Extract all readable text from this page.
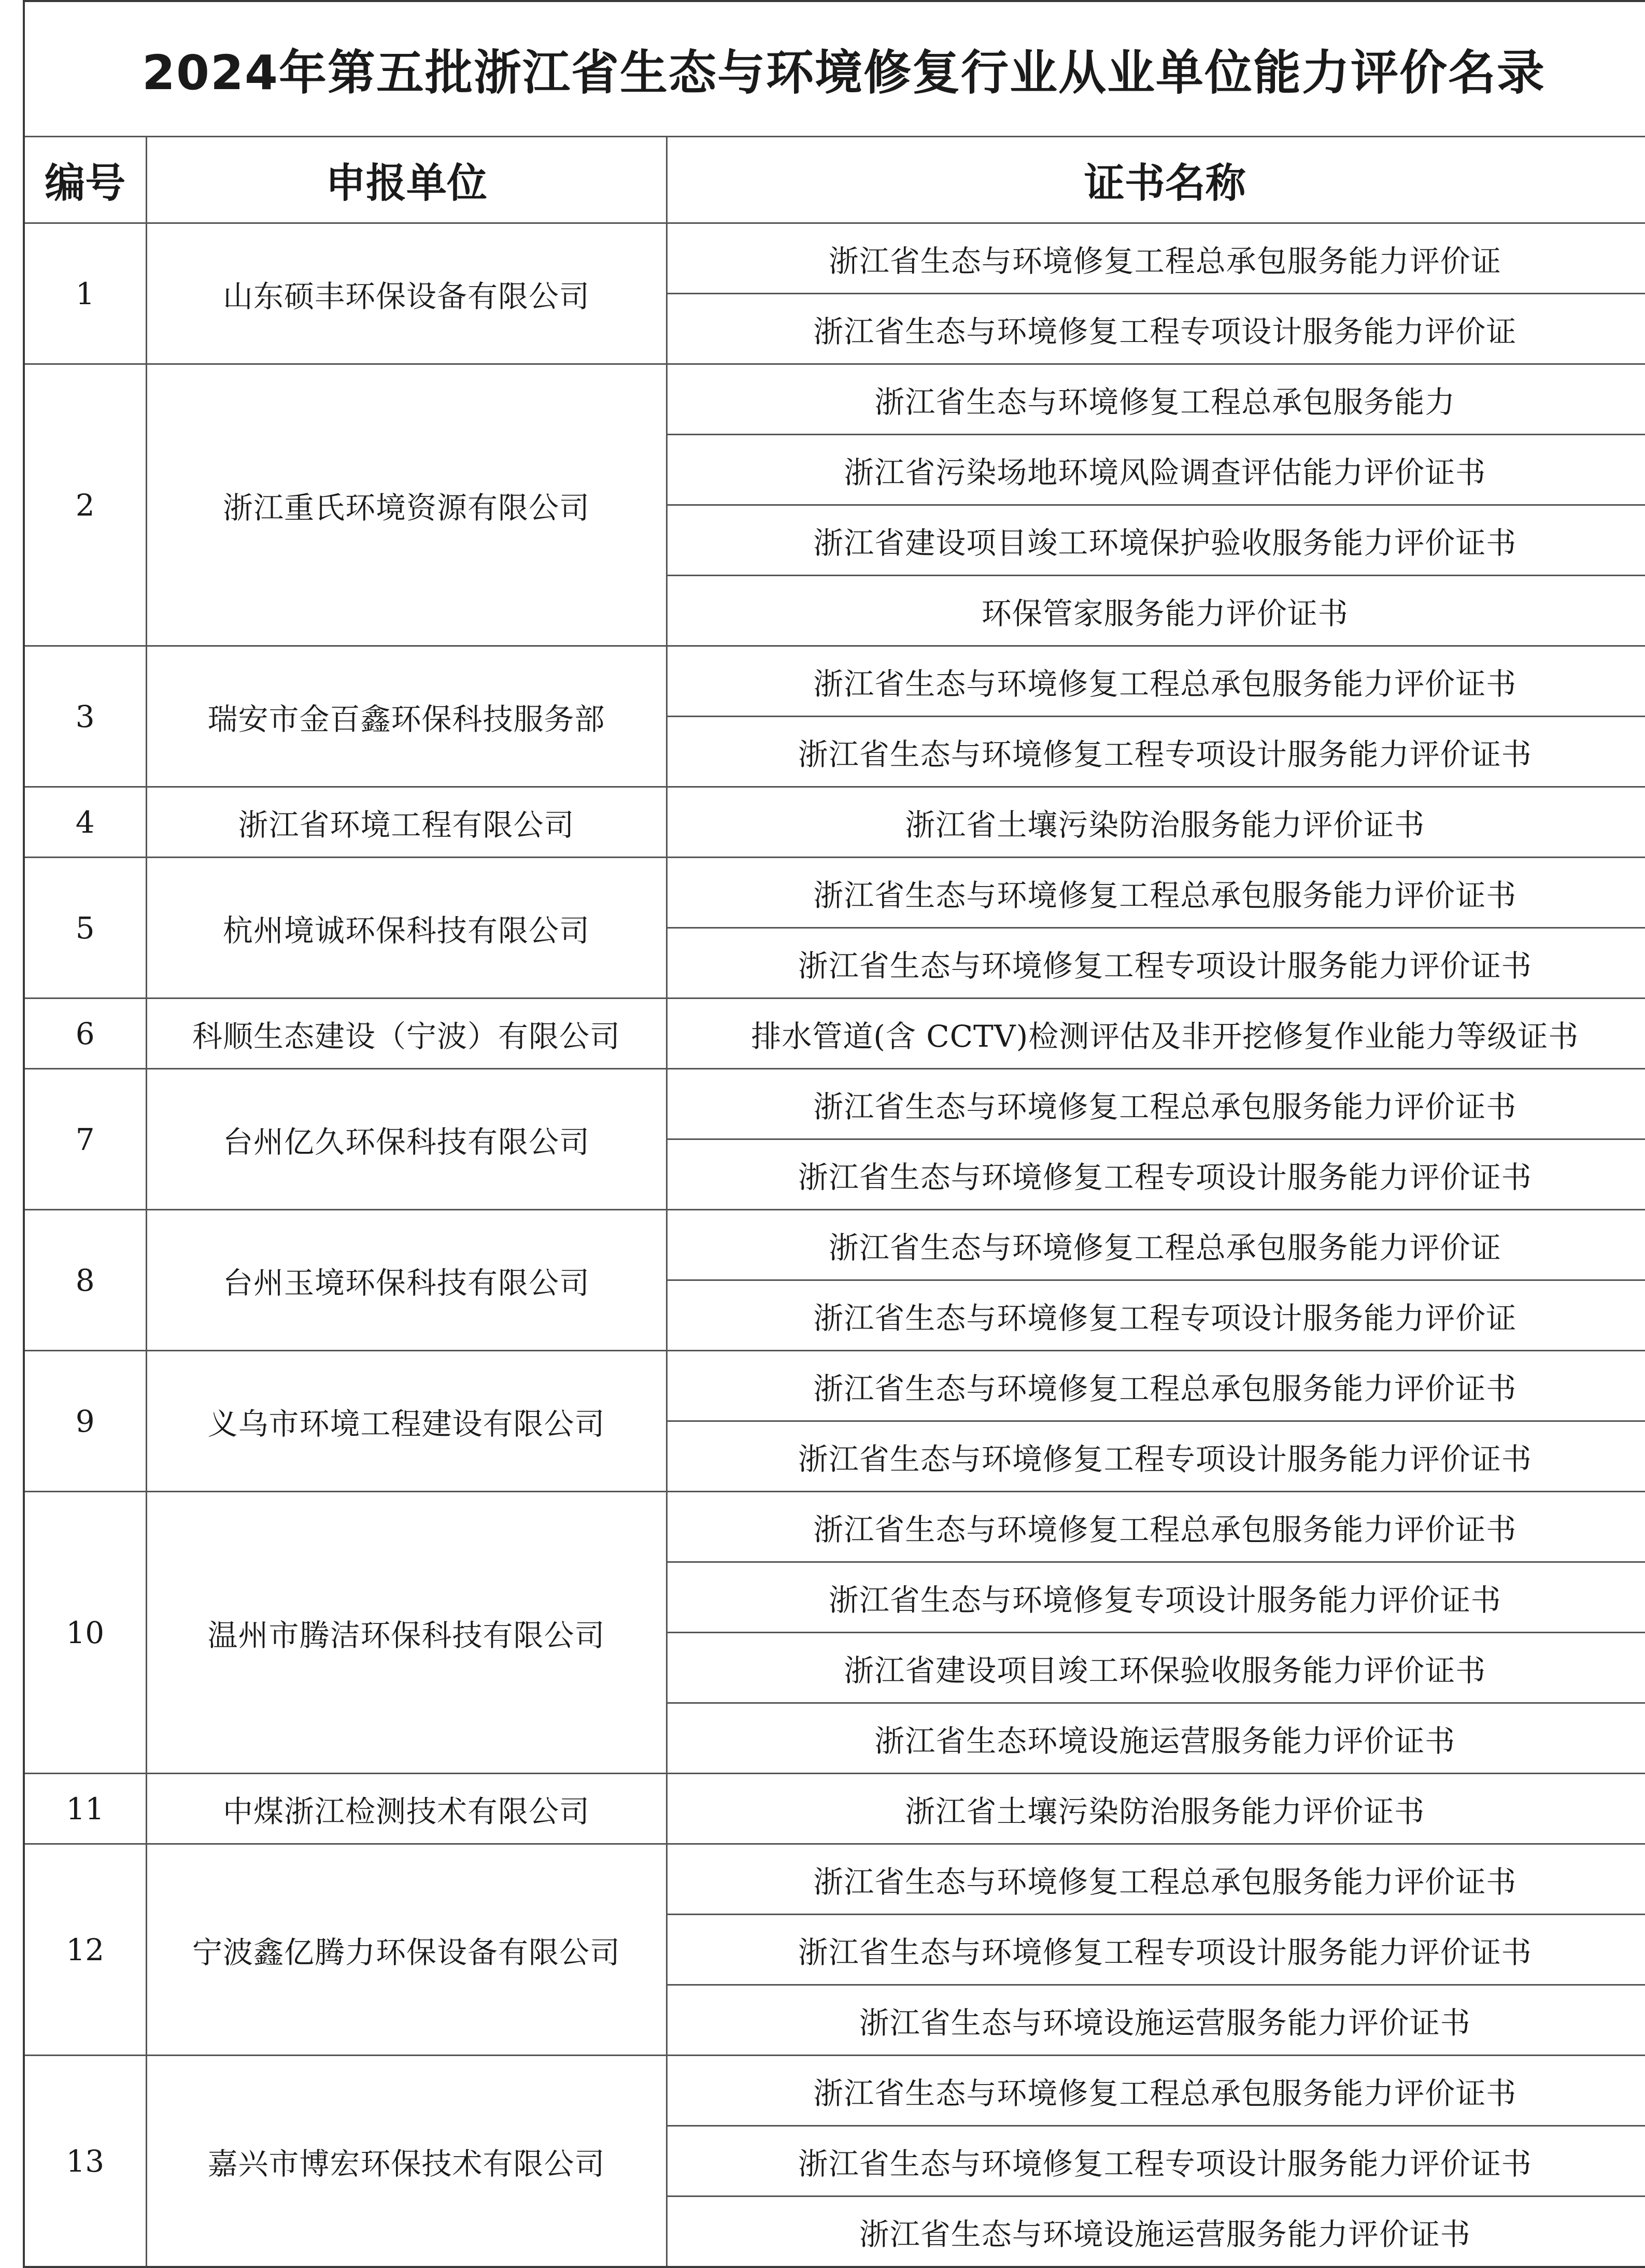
2024年第五批浙江省生态与环境修复行业从业单位能力评价名录		
编号	申报单位	证书名称
1	山东硕丰环保设备有限公司	浙江省生态与环境修复工程总承包服务能力评价证
		浙江省生态与环境修复工程专项设计服务能力评价证
2	浙江重氏环境资源有限公司	浙江省生态与环境修复工程总承包服务能力
		浙江省污染场地环境风险调查评估能力评价证书
		浙江省建设项目竣工环境保护验收服务能力评价证书
		环保管家服务能力评价证书
3	瑞安市金百鑫环保科技服务部	浙江省生态与环境修复工程总承包服务能力评价证书
		浙江省生态与环境修复工程专项设计服务能力评价证书
4	浙江省环境工程有限公司	浙江省土壤污染防治服务能力评价证书
5	杭州境诚环保科技有限公司	浙江省生态与环境修复工程总承包服务能力评价证书
		浙江省生态与环境修复工程专项设计服务能力评价证书
6	科顺生态建设（宁波）有限公司	排水管道(含 CCTV)检测评估及非开挖修复作业能力等级证书
7	台州亿久环保科技有限公司	浙江省生态与环境修复工程总承包服务能力评价证书
		浙江省生态与环境修复工程专项设计服务能力评价证书
8	台州玉境环保科技有限公司	浙江省生态与环境修复工程总承包服务能力评价证
		浙江省生态与环境修复工程专项设计服务能力评价证
9	义乌市环境工程建设有限公司	浙江省生态与环境修复工程总承包服务能力评价证书
		浙江省生态与环境修复工程专项设计服务能力评价证书
10	温州市腾洁环保科技有限公司	浙江省生态与环境修复工程总承包服务能力评价证书
		浙江省生态与环境修复专项设计服务能力评价证书
		浙江省建设项目竣工环保验收服务能力评价证书
		浙江省生态环境设施运营服务能力评价证书
11	中煤浙江检测技术有限公司	浙江省土壤污染防治服务能力评价证书
12	宁波鑫亿腾力环保设备有限公司	浙江省生态与环境修复工程总承包服务能力评价证书
		浙江省生态与环境修复工程专项设计服务能力评价证书
		浙江省生态与环境设施运营服务能力评价证书
13	嘉兴市博宏环保技术有限公司	浙江省生态与环境修复工程总承包服务能力评价证书
		浙江省生态与环境修复工程专项设计服务能力评价证书
		浙江省生态与环境设施运营服务能力评价证书
